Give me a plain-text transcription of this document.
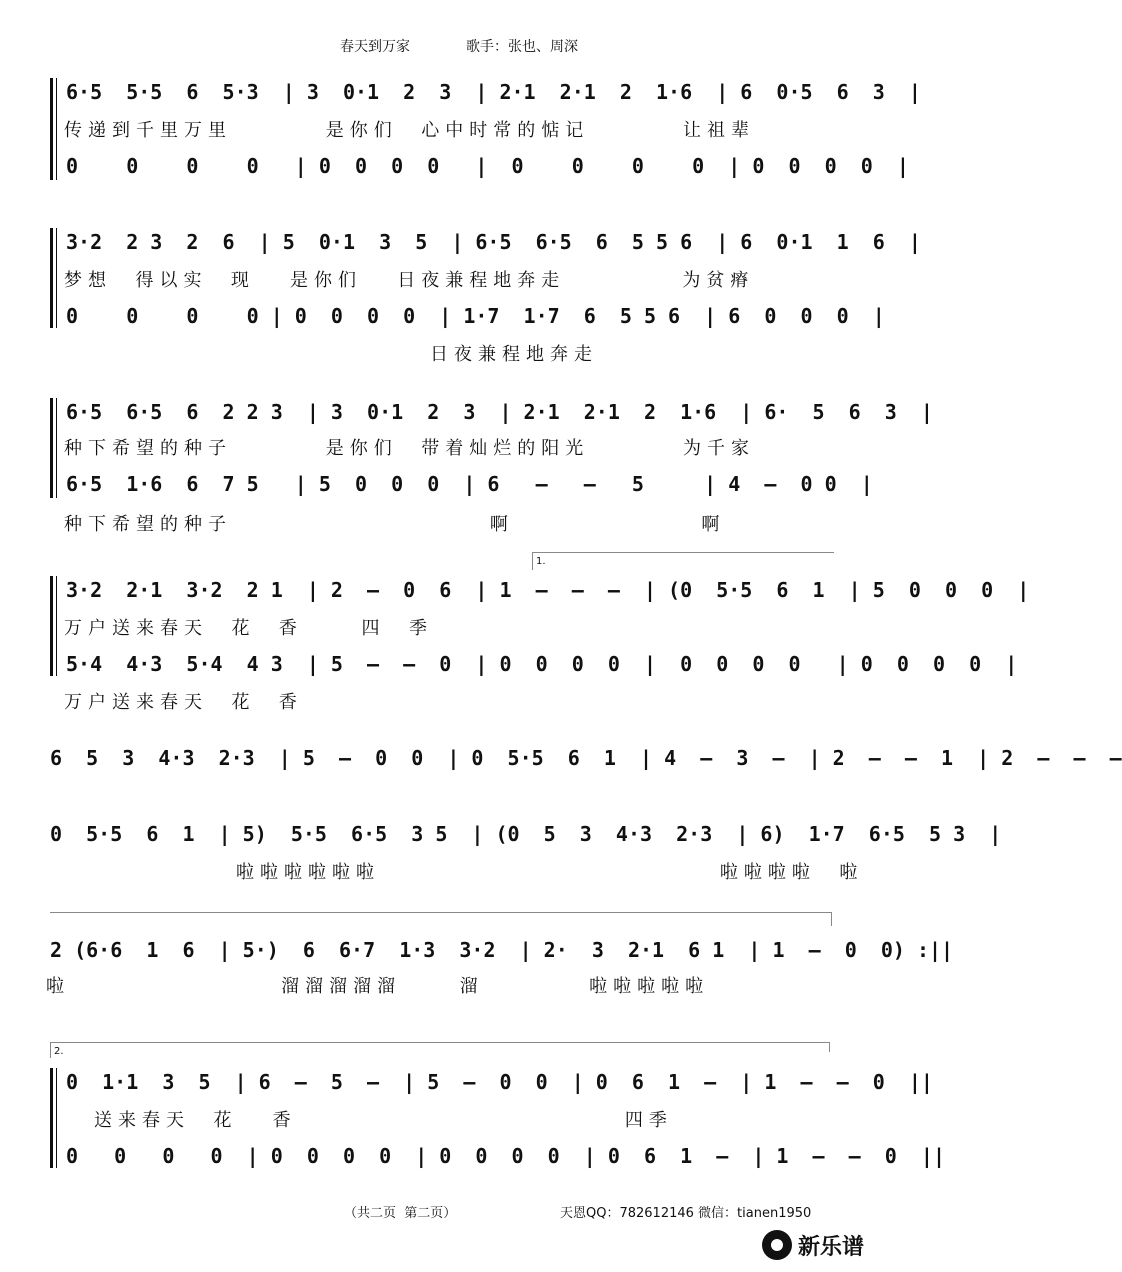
春天到万家	歌手：张也、周深
6·5  5·5  6  5·3  | 3  0·1  2  3  | 2·1  2·1  2  1·6  | 6  0·5  6  3  |
传递到千里万里        是你们  心中时常的惦记        让祖辈
0    0    0    0   | 0  0  0  0   |  0    0    0    0  | 0  0  0  0  |
3·2  2 3  2  6  | 5  0·1  3  5  | 6·5  6·5  6  5 5 6  | 6  0·1  1  6  |
梦想  得以实  现   是你们   日夜兼程地奔走          为贫瘠
0    0    0    0 | 0  0  0  0  | 1·7  1·7  6  5 5 6  | 6  0  0  0  |
日夜兼程地奔走
6·5  6·5  6  2 2 3  | 3  0·1  2  3  | 2·1  2·1  2  1·6  | 6·  5  6  3  |
种下希望的种子        是你们  带着灿烂的阳光        为千家
6·5  1·6  6  7 5   | 5  0  0  0  | 6   –   –   5     | 4  –  0 0  |
种下希望的种子                      啊                啊
1.
3·2  2·1  3·2  2 1  | 2  –  0  6  | 1  –  –  –  | (0  5·5  6  1  | 5  0  0  0  |
万户送来春天  花  香     四  季
5·4  4·3  5·4  4 3  | 5  –  –  0  | 0  0  0  0  |  0  0  0  0   | 0  0  0  0  |
万户送来春天  花  香
6  5  3  4·3  2·3  | 5  –  0  0  | 0  5·5  6  1  | 4  –  3  –  | 2  –  –  1  | 2  –  –  –
0  5·5  6  1  | 5)  5·5  6·5  3 5  | (0  5  3  4·3  2·3  | 6)  1·7  6·5  5 3  |
啦啦啦啦啦啦                             啦啦啦啦  啦
2 (6·6  1  6  | 5·)  6  6·7  1·3  3·2  | 2·  3  2·1  6 1  | 1  –  0  0) :||
啦                  溜溜溜溜溜     溜         啦啦啦啦啦
2.
0  1·1  3  5  | 6  –  5  –  | 5  –  0  0  | 0  6  1  –  | 1  –  –  0  ||
送来春天  花   香                            四季
0   0   0   0  | 0  0  0  0  | 0  0  0  0  | 0  6  1  –  | 1  –  –  0  ||
（共二页  第二页）	天恩QQ：782612146 微信：tianen1950
新乐谱
